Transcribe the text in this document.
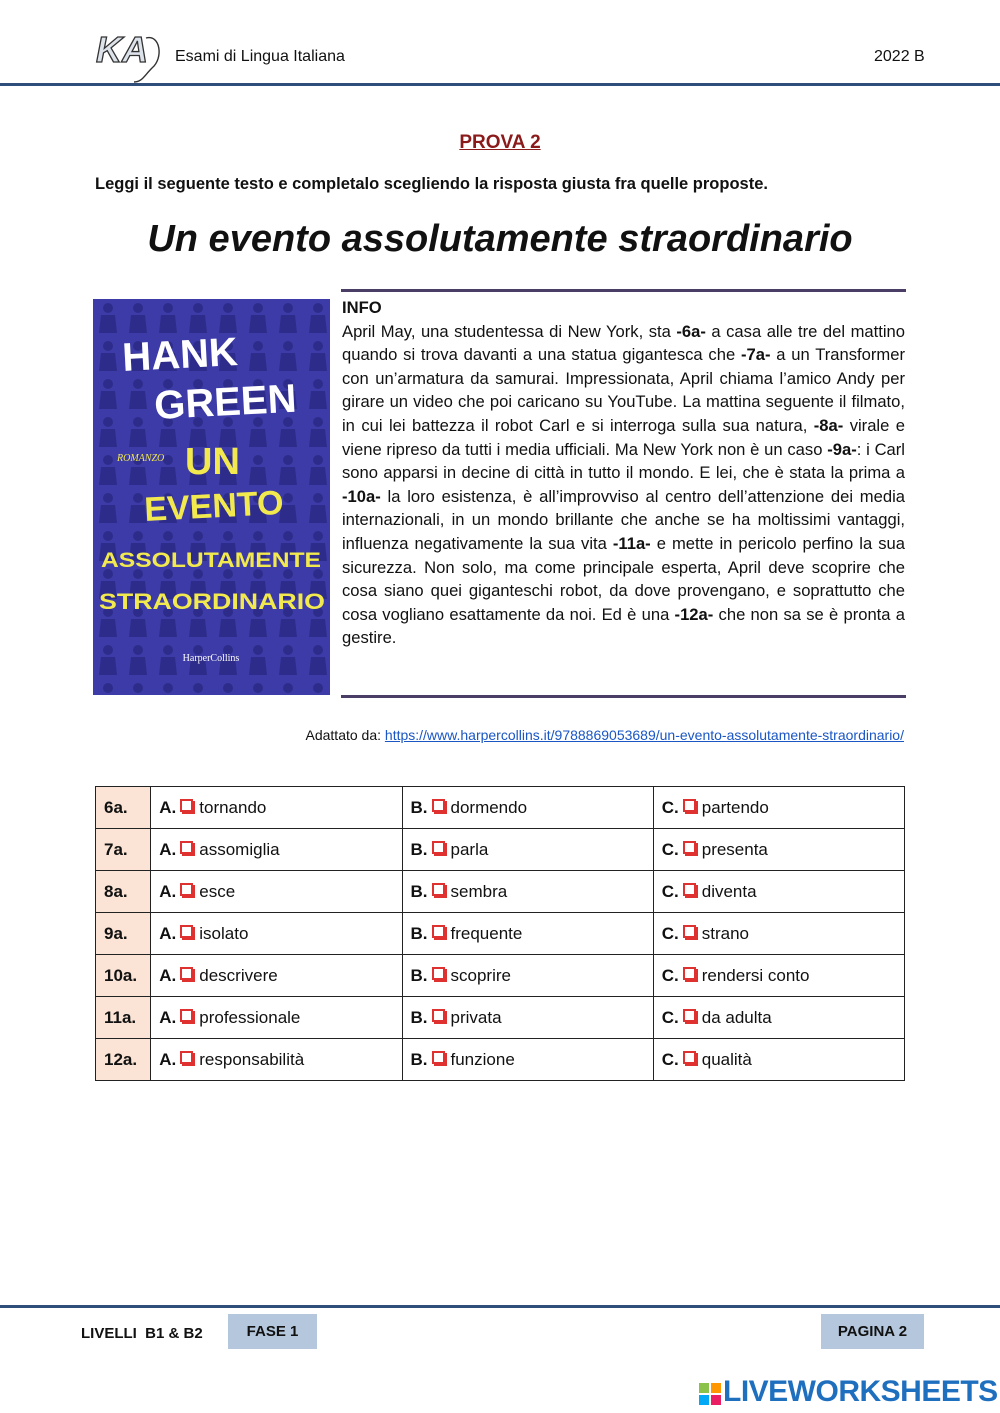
KA Esami di Lingua Italiana	2022 B
PROVA 2
Leggi il seguente testo e completalo scegliendo la risposta giusta fra quelle proposte.
Un evento assolutamente straordinario
HANK
GREEN
ROMANZO UN
EVENTO
ASSOLUTAMENTE
STRAORDINARIO
HarperCollins
INFO
April May, una studentessa di New York, sta -6a- a casa alle tre del mattino quando si trova davanti a una statua gigantesca che -7a- a un Transformer con un’armatura da samurai. Impressionata, April chiama l’amico Andy per girare un video che poi caricano su YouTube. La mattina seguente il filmato, in cui lei battezza il robot Carl e si interroga sulla sua natura, -8a- virale e viene ripreso da tutti i media ufficiali. Ma New York non è un caso -9a-: i Carl sono apparsi in decine di città in tutto il mondo. E lei, che è stata la prima a -10a- la loro esistenza, è all’improvviso al centro dell’attenzione dei media internazionali, in un mondo brillante che anche se ha moltissimi vantaggi, influenza negativamente la sua vita -11a- e mette in pericolo perfino la sua sicurezza. Non solo, ma come principale esperta, April deve scoprire che cosa siano quei giganteschi robot, da dove provengano, e soprattutto che cosa vogliano esattamente da noi. Ed è una -12a- che non sa se è pronta a gestire.
Adattato da: https://www.harpercollins.it/9788869053689/un-evento-assolutamente-straordinario/
6a.	A. tornando	B. dormendo	C. partendo
7a.	A. assomiglia	B. parla	C. presenta
8a.	A. esce	B. sembra	C. diventa
9a.	A. isolato	B. frequente	C. strano
10a.	A. descrivere	B. scoprire	C. rendersi conto
11a.	A. professionale	B. privata	C. da adulta
12a.	A. responsabilità	B. funzione	C. qualità
LIVELLI  B1 & B2	FASE 1	PAGINA 2
LIVEWORKSHEETS
